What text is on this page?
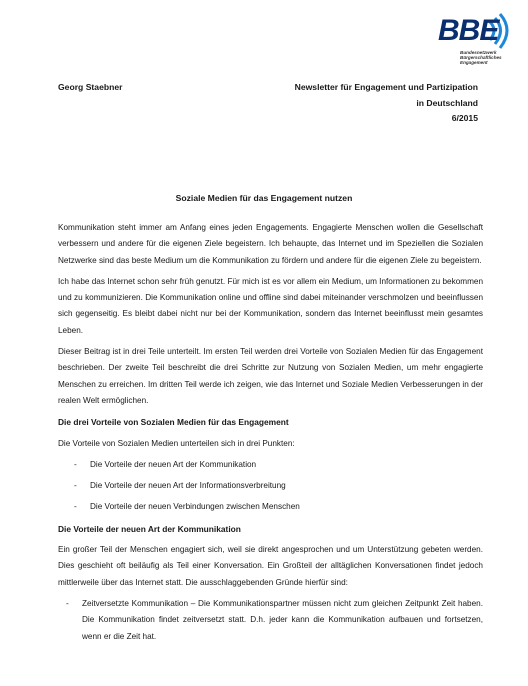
BBE
Bundesnetzwerk
Bürgerschaftliches
Engagement
Georg Staebner	Newsletter für Engagement und Partizipation
in Deutschland
6/2015
Soziale Medien für das Engagement nutzen

Kommunikation steht immer am Anfang eines jeden Engagements. Engagierte Menschen wollen die Gesellschaft verbessern und andere für die eigenen Ziele begeistern. Ich behaupte, das Internet und im Speziellen die Sozialen Netzwerke sind das beste Medium um die Kommunikation zu fördern und andere für die eigenen Ziele zu begeistern.

Ich habe das Internet schon sehr früh genutzt. Für mich ist es vor allem ein Medium, um Informationen zu bekommen und zu kommunizieren. Die Kommunikation online und offline sind dabei miteinander verschmolzen und beeinflussen sich gegenseitig. Es bleibt dabei nicht nur bei der Kommunikation, sondern das Internet beeinflusst mein gesamtes Leben.

Dieser Beitrag ist in drei Teile unterteilt. Im ersten Teil werden drei Vorteile von Sozialen Medien für das Engagement beschrieben. Der zweite Teil beschreibt die drei Schritte zur Nutzung von Sozialen Medien, um mehr engagierte Menschen zu erreichen. Im dritten Teil werde ich zeigen, wie das Internet und Soziale Medien Verbesserungen in der realen Welt ermöglichen.

Die drei Vorteile von Sozialen Medien für das Engagement

Die Vorteile von Sozialen Medien unterteilen sich in drei Punkten:

- Die Vorteile der neuen Art der Kommunikation
- Die Vorteile der neuen Art der Informationsverbreitung
- Die Vorteile der neuen Verbindungen zwischen Menschen
Die Vorteile der neuen Art der Kommunikation

Ein großer Teil der Menschen engagiert sich, weil sie direkt angesprochen und um Unterstützung gebeten werden. Dies geschieht oft beiläufig als Teil einer Konversation. Ein Großteil der alltäglichen Konversationen findet jedoch mittlerweile über das Internet statt. Die ausschlaggebenden Gründe hierfür sind:

- Zeitversetzte Kommunikation – Die Kommunikationspartner müssen nicht zum gleichen Zeitpunkt Zeit haben. Die Kommunikation findet zeitversetzt statt. D.h. jeder kann die Kommunikation aufbauen und fortsetzen, wenn er die Zeit hat.
